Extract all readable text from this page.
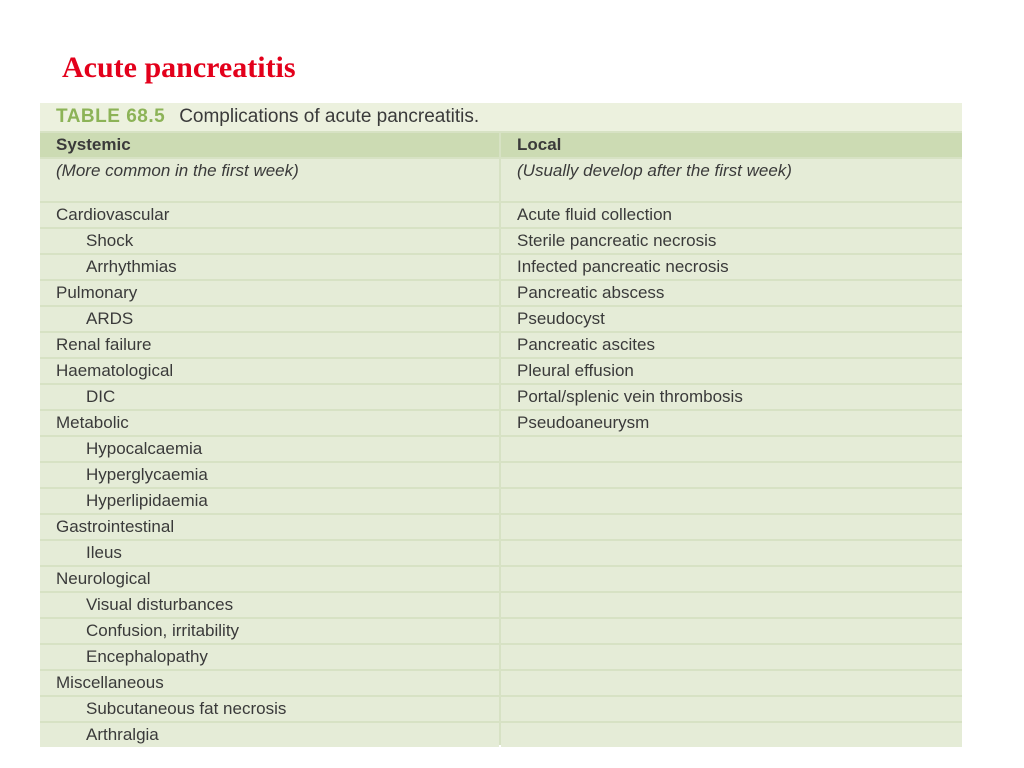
Acute pancreatitis
TABLE 68.5 Complications of acute pancreatitis.
Systemic	Local
(More common in the first week)	(Usually develop after the first week)
Cardiovascular	Acute fluid collection
Shock	Sterile pancreatic necrosis
Arrhythmias	Infected pancreatic necrosis
Pulmonary	Pancreatic abscess
ARDS	Pseudocyst
Renal failure	Pancreatic ascites
Haematological	Pleural effusion
DIC	Portal/splenic vein thrombosis
Metabolic	Pseudoaneurysm
Hypocalcaemia
Hyperglycaemia
Hyperlipidaemia
Gastrointestinal
Ileus
Neurological
Visual disturbances
Confusion, irritability
Encephalopathy
Miscellaneous
Subcutaneous fat necrosis
Arthralgia
